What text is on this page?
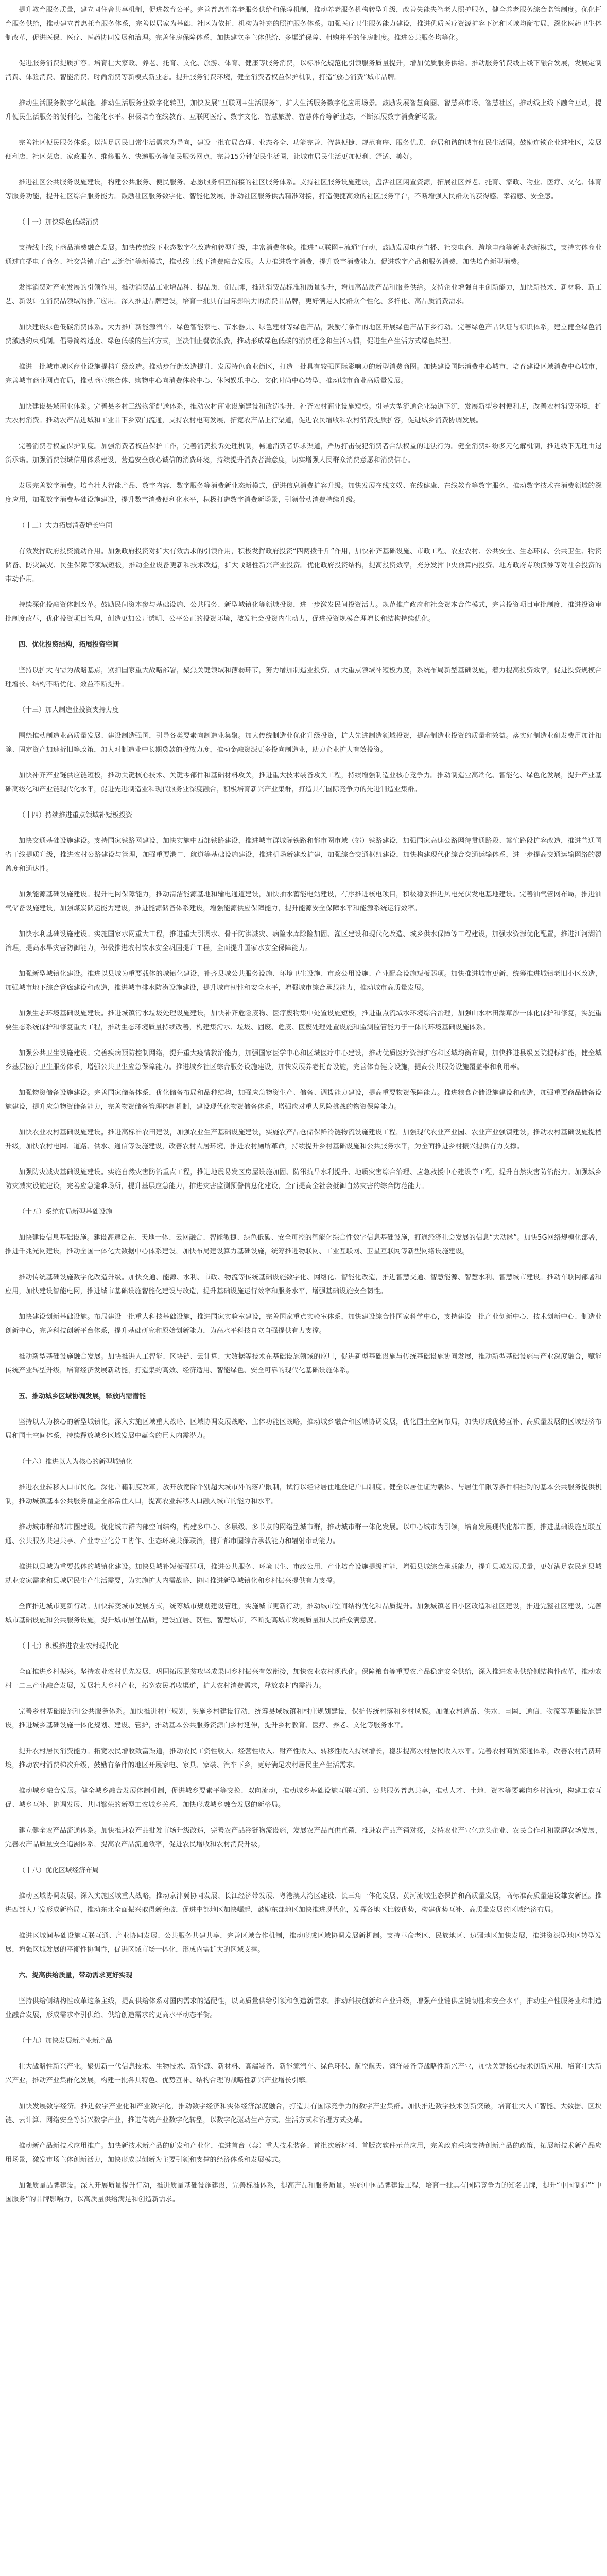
提升教育服务质量，建立同住舍共享机制，促进教育公平。完善普惠性养老服务供给和保障机制，推动养老服务机构转型升级，改善失能失智老人照护服务，健全养老服务综合监管制度。优化托育服务供给，推动建立普惠托育服务体系，完善以居家为基础、社区为依托、机构为补充的照护服务体系。加强医疗卫生服务能力建设，推进优质医疗资源扩容下沉和区域均衡布局，深化医药卫生体制改革，促进医保、医疗、医药协同发展和治理。完善住房保障体系，加快建立多主体供给、多渠道保障、租购并举的住房制度。推进公共服务均等化。

促进服务消费提质扩容。培育壮大家政、养老、托育、文化、旅游、体育、健康等服务消费，以标准化规范化引领服务质量提升，增加优质服务供给。推动服务消费线上线下融合发展，发展定制消费、体验消费、智能消费、时尚消费等新模式新业态。提升服务消费环境，健全消费者权益保护机制，打造“放心消费”城市品牌。

推动生活服务数字化赋能。推动生活服务业数字化转型，加快发展“互联网+生活服务”，扩大生活服务数字化应用场景。鼓励发展智慧商圈、智慧菜市场、智慧社区，推动线上线下融合互动，提升便民生活服务的便利化、智能化水平。积极培育在线教育、互联网医疗、数字文化、智慧旅游、智慧体育等新业态，不断拓展数字消费新场景。

完善社区便民服务体系。以满足居民日常生活需求为导向，建设一批布局合理、业态齐全、功能完善、智慧便捷、规范有序、服务优质、商居和谐的城市便民生活圈。鼓励连锁企业进社区，发展便利店、社区菜店、家政服务、维修服务、快递服务等便民服务网点，完善15分钟便民生活圈，让城市居民生活更加便利、舒适、美好。

推进社区公共服务设施建设，构建公共服务、便民服务、志愿服务相互衔接的社区服务体系。支持社区服务设施建设，盘活社区闲置资源，拓展社区养老、托育、家政、物业、医疗、文化、体育等服务功能，提升社区综合服务能力。鼓励社区服务数字化、智能化发展，推动社区服务供需精准对接，打造便捷高效的社区服务平台，不断增强人民群众的获得感、幸福感、安全感。

（十一）加快绿色低碳消费

支持线上线下商品消费融合发展。加快传统线下业态数字化改造和转型升级，丰富消费体验。推进“互联网+流通”行动，鼓励发展电商直播、社交电商、跨境电商等新业态新模式，支持实体商业通过直播电子商务、社交营销开启“云逛街”等新模式，推动线上线下消费融合发展。大力推进数字消费，提升数字消费能力，促进数字产品和服务消费，加快培育新型消费。

发挥消费对产业发展的引领作用。推动消费品工业增品种、提品质、创品牌，推进消费品标准和质量提升，增加高品质产品和服务供给。支持企业增强自主创新能力，加快新技术、新材料、新工艺、新设计在消费品领域的推广应用。深入推进品牌建设，培育一批具有国际影响力的消费品品牌，更好满足人民群众个性化、多样化、高品质消费需求。

加快建设绿色低碳消费体系。大力推广新能源汽车、绿色智能家电、节水器具、绿色建材等绿色产品，鼓励有条件的地区开展绿色产品下乡行动。完善绿色产品认证与标识体系，建立健全绿色消费激励约束机制。倡导简约适度、绿色低碳的生活方式，坚决制止餐饮浪费，推动形成绿色低碳的消费理念和生活习惯，促进生产生活方式绿色转型。

推进一批城市城区商业设施提档升级改造。推动步行街改造提升，发展特色商业街区，打造一批具有较强国际影响力的新型消费商圈。加快建设国际消费中心城市，培育建设区域消费中心城市，完善城市商业网点布局，推动商业综合体、购物中心向消费体验中心、休闲娱乐中心、文化时尚中心转型，推动城市商业高质量发展。

加快建设县域商业体系。完善县乡村三级物流配送体系，推动农村商业设施建设和改造提升，补齐农村商业设施短板。引导大型流通企业渠道下沉，发展新型乡村便利店，改善农村消费环境，扩大农村消费。推动农产品进城和工业品下乡双向流通，支持农村电商发展，拓宽农产品上行渠道，促进农民增收和农村消费提质扩容，促进城乡消费协调发展。

完善消费者权益保护制度。加强消费者权益保护工作，完善消费投诉处理机制，畅通消费者诉求渠道，严厉打击侵犯消费者合法权益的违法行为。健全消费纠纷多元化解机制，推进线下无理由退货承诺。加强消费领域信用体系建设，营造安全放心诚信的消费环境，持续提升消费者满意度，切实增强人民群众消费意愿和消费信心。

发展完善数字消费。培育壮大智能产品、数字内容、数字服务等消费新业态新模式，促进信息消费扩容升级。加快发展在线文娱、在线健康、在线教育等数字服务，推动数字技术在消费领域的深度应用，加强数字消费基础设施建设，提升数字消费便利化水平，积极打造数字消费新场景，引领带动消费持续升级。

（十二）大力拓展消费增长空间

有效发挥政府投资撬动作用。加强政府投资对扩大有效需求的引领作用，积极发挥政府投资“四两拨千斤”作用，加快补齐基础设施、市政工程、农业农村、公共安全、生态环保、公共卫生、物资储备、防灾减灾、民生保障等领域短板，推动企业设备更新和技术改造，扩大战略性新兴产业投资。优化政府投资结构，提高投资效率，充分发挥中央预算内投资、地方政府专项债券等对社会投资的带动作用。

持续深化投融资体制改革。鼓励民间资本参与基础设施、公共服务、新型城镇化等领域投资，进一步激发民间投资活力。规范推广政府和社会资本合作模式，完善投资项目审批制度，推进投资审批制度改革，优化投资项目管理，创造更加公开透明、公平公正的投资环境，激发社会投资内生动力，促进投资规模合理增长和结构持续优化。

四、优化投资结构，拓展投资空间

坚持以扩大内需为战略基点，紧扣国家重大战略部署，聚焦关键领域和薄弱环节，努力增加制造业投资，加大重点领域补短板力度，系统布局新型基础设施，着力提高投资效率，促进投资规模合理增长、结构不断优化、效益不断提升。

（十三）加大制造业投资支持力度

围绕推动制造业高质量发展、建设制造强国，引导各类要素向制造业集聚。加大传统制造业优化升级投资，扩大先进制造领域投资，提高制造业投资的质量和效益。落实好制造业研发费用加计扣除、固定资产加速折旧等政策，加大对制造业中长期贷款的投放力度，推动金融资源更多投向制造业，助力企业扩大有效投资。

加快补齐产业链供应链短板，推动关键核心技术、关键零部件和基础材料攻关，推进重大技术装备攻关工程，持续增强制造业核心竞争力。推动制造业高端化、智能化、绿色化发展，提升产业基础高级化和产业链现代化水平，促进先进制造业和现代服务业深度融合，积极培育新兴产业集群，打造具有国际竞争力的先进制造业集群。

（十四）持续推进重点领域补短板投资

加快交通基础设施建设。支持国家铁路网建设，加快实施中西部铁路建设，推进城市群城际铁路和都市圈市域（郊）铁路建设，加强国家高速公路网待贯通路段、繁忙路段扩容改造，推进普通国省干线提质升级，推进农村公路建设与管理，加强重要港口、航道等基础设施建设，推进机场新建改扩建，加强综合交通枢纽建设，加快构建现代化综合交通运输体系，进一步提高交通运输网络的覆盖度和通达性。

加强能源基础设施建设。提升电网保障能力，推动清洁能源基地和输电通道建设，加快抽水蓄能电站建设，有序推进核电项目，积极稳妥推进风电光伏发电基地建设。完善油气管网布局，推进油气储备设施建设，加强煤炭储运能力建设，推进能源储备体系建设，增强能源供应保障能力，提升能源安全保障水平和能源系统运行效率。

加快水利基础设施建设。实施国家水网重大工程，推进重大引调水、骨干防洪减灾、病险水库除险加固、灌区建设和现代化改造、城乡供水保障等工程建设，加强水资源优化配置，推进江河湖泊治理，提高水旱灾害防御能力，积极推进农村饮水安全巩固提升工程，全面提升国家水安全保障能力。

加强新型城镇化建设。推进以县城为重要载体的城镇化建设，补齐县城公共服务设施、环境卫生设施、市政公用设施、产业配套设施短板弱项。加快推进城市更新，统筹推进城镇老旧小区改造，加强城市地下综合管廊建设和改造，推进城市排水防涝设施建设，提升城市韧性和安全水平，增强城市综合承载能力，推动城市高质量发展。

加强生态环境基础设施建设。推进城镇污水垃圾处理设施建设，加快补齐危险废物、医疗废物集中处置设施短板，推进重点流域水环境综合治理，加强山水林田湖草沙一体化保护和修复，实施重要生态系统保护和修复重大工程，推动生态环境质量持续改善，构建集污水、垃圾、固废、危废、医废处理处置设施和监测监管能力于一体的环境基础设施体系。

加强公共卫生设施建设。完善疾病预防控制网络，提升重大疫情救治能力，加强国家医学中心和区域医疗中心建设，推动优质医疗资源扩容和区域均衡布局，加快推进县级医院提标扩能，健全城乡基层医疗卫生服务体系，增强公共卫生应急保障能力。推进城乡社区综合服务设施建设，加快发展养老托育设施，完善体育健身设施，提高公共服务设施覆盖率和利用率。

加强物资储备设施建设。完善国家储备体系，优化储备布局和品种结构，加强应急物资生产、储备、调拨能力建设，提高重要物资保障能力。推进粮食仓储设施建设和改造，加强重要商品储备设施建设，提升应急物资储备能力，完善物资储备管理体制机制，建设现代化物资储备体系，增强应对重大风险挑战的物资保障能力。

加快农业农村基础设施建设。推进高标准农田建设，加强农业生产基础设施建设，实施农产品仓储保鲜冷链物流设施建设工程，加强现代农业产业园、农业产业强镇建设。推动农村基础设施提档升级，加快农村电网、道路、供水、通信等设施建设，改善农村人居环境，推进农村厕所革命，持续提升乡村基础设施和公共服务水平，为全面推进乡村振兴提供有力支撑。

加强防灾减灾基础设施建设。实施自然灾害防治重点工程，推进地震易发区房屋设施加固、防汛抗旱水利提升、地质灾害综合治理、应急救援中心建设等工程，提升自然灾害防治能力。加强城乡防灾减灾设施建设，完善应急避难场所，提升基层应急能力，推进灾害监测预警信息化建设，全面提高全社会抵御自然灾害的综合防范能力。

（十五）系统布局新型基础设施

加快建设信息基础设施。建设高速泛在、天地一体、云网融合、智能敏捷、绿色低碳、安全可控的智能化综合性数字信息基础设施，打通经济社会发展的信息“大动脉”。加快5G网络规模化部署，推进千兆光网建设，推动全国一体化大数据中心体系建设，加快布局建设算力基础设施，统筹推进物联网、工业互联网、卫星互联网等新型网络设施建设。

推动传统基础设施数字化改造升级。加快交通、能源、水利、市政、物流等传统基础设施数字化、网络化、智能化改造，推进智慧交通、智慧能源、智慧水利、智慧城市建设。推动车联网部署和应用，加快建设智能电网，推进城市基础设施智能化建设与改造，提升基础设施运行效率和服务水平，增强基础设施安全韧性。

加快建设创新基础设施。布局建设一批重大科技基础设施，推进国家实验室建设，完善国家重点实验室体系，加快建设综合性国家科学中心，支持建设一批产业创新中心、技术创新中心、制造业创新中心，完善科技创新平台体系，提升基础研究和原始创新能力，为高水平科技自立自强提供有力支撑。

推动新型基础设施融合发展。加快推进人工智能、区块链、云计算、大数据等技术在基础设施领域的应用，促进新型基础设施与传统基础设施协同发展，推动新型基础设施与产业深度融合，赋能传统产业转型升级，培育经济发展新动能，打造集约高效、经济适用、智能绿色、安全可靠的现代化基础设施体系。

五、推动城乡区域协调发展，释放内需潜能

坚持以人为核心的新型城镇化，深入实施区域重大战略、区域协调发展战略、主体功能区战略，推动城乡融合和区域协调发展，优化国土空间布局，加快形成优势互补、高质量发展的区域经济布局和国土空间体系，持续释放城乡区域发展中蕴含的巨大内需潜力。

（十六）推进以人为核心的新型城镇化

推进农业转移人口市民化。深化户籍制度改革，放开放宽除个别超大城市外的落户限制，试行以经常居住地登记户口制度。健全以居住证为载体、与居住年限等条件相挂钩的基本公共服务提供机制，推动城镇基本公共服务覆盖全部常住人口，提高农业转移人口融入城市的能力和水平。

推动城市群和都市圈建设。优化城市群内部空间结构，构建多中心、多层级、多节点的网络型城市群，推动城市群一体化发展。以中心城市为引领，培育发展现代化都市圈，推进基础设施互联互通、公共服务共建共享、产业专业化分工协作、生态环境共保联治，提升都市圈综合承载能力和辐射带动能力。

推进以县城为重要载体的城镇化建设。加快县城补短板强弱项，推进公共服务、环境卫生、市政公用、产业培育设施提级扩能，增强县城综合承载能力，提升县城发展质量，更好满足农民到县城就业安家需求和县城居民生产生活需要，为实施扩大内需战略、协同推进新型城镇化和乡村振兴提供有力支撑。

全面推进城市更新行动。加快转变城市发展方式，统筹城市规划建设管理，实施城市更新行动，推动城市空间结构优化和品质提升。加强城镇老旧小区改造和社区建设，推进完整社区建设，完善城市基础设施和公共服务设施，提升城市居住品质，建设宜居、韧性、智慧城市，不断提高城市发展质量和人民群众满意度。

（十七）积极推进农业农村现代化

全面推进乡村振兴。坚持农业农村优先发展，巩固拓展脱贫攻坚成果同乡村振兴有效衔接，加快农业农村现代化。保障粮食等重要农产品稳定安全供给，深入推进农业供给侧结构性改革，推动农村一二三产业融合发展，发展壮大乡村产业，拓宽农民增收渠道，扩大农村消费需求，释放农村内需潜力。

完善乡村基础设施和公共服务体系。加快推进村庄规划，实施乡村建设行动，统筹县域城镇和村庄规划建设，保护传统村落和乡村风貌。加强农村道路、供水、电网、通信、物流等基础设施建设，推进城乡基础设施一体化规划、建设、管护，推动基本公共服务资源向乡村延伸，提升乡村教育、医疗、养老、文化等服务水平。

提升农村居民消费能力。拓宽农民增收致富渠道，推动农民工资性收入、经营性收入、财产性收入、转移性收入持续增长，稳步提高农村居民收入水平。完善农村商贸流通体系，改善农村消费环境，推动农村消费梯次升级，鼓励有条件的地区开展家电、家具、家装、汽车下乡，更好满足农村居民生产生活需求。

推动城乡融合发展。健全城乡融合发展体制机制，促进城乡要素平等交换、双向流动，推动城乡基础设施互联互通、公共服务普惠共享，推动人才、土地、资本等要素向乡村流动，构建工农互促、城乡互补、协调发展、共同繁荣的新型工农城乡关系，加快形成城乡融合发展的新格局。

建立健全农产品流通体系。加快推进农产品批发市场升级改造，完善农产品冷链物流设施，发展农产品直供直销，推进农产品产销对接，支持农业产业化龙头企业、农民合作社和家庭农场发展，完善农产品质量安全追溯体系，提高农产品流通效率，促进农民增收和农村消费升级。

（十八）优化区域经济布局

推动区域协调发展。深入实施区域重大战略，推动京津冀协同发展、长江经济带发展、粤港澳大湾区建设、长三角一体化发展、黄河流域生态保护和高质量发展，高标准高质量建设雄安新区。推进西部大开发形成新格局，推动东北全面振兴取得新突破，促进中部地区加快崛起，鼓励东部地区加快推进现代化，发挥各地区比较优势，构建优势互补、高质量发展的区域经济布局。

推进区域间基础设施互联互通、产业协同发展、公共服务共建共享，完善区域合作机制，推动形成区域协调发展新机制。支持革命老区、民族地区、边疆地区加快发展，推进资源型地区转型发展，增强区域发展的平衡性协调性，促进区域市场一体化，形成内需扩大的区域支撑。

六、提高供给质量，带动需求更好实现

坚持供给侧结构性改革这条主线，提高供给体系对国内需求的适配性，以高质量供给引领和创造新需求。推动科技创新和产业升级，增强产业链供应链韧性和安全水平，推动生产性服务业和制造业融合发展，形成需求牵引供给、供给创造需求的更高水平动态平衡。

（十九）加快发展新产业新产品

壮大战略性新兴产业。聚焦新一代信息技术、生物技术、新能源、新材料、高端装备、新能源汽车、绿色环保、航空航天、海洋装备等战略性新兴产业，加快关键核心技术创新应用，培育壮大新兴产业，推动产业集群化发展，构建一批各具特色、优势互补、结构合理的战略性新兴产业增长引擎。

加快发展数字经济。推进数字产业化和产业数字化，推动数字经济和实体经济深度融合，打造具有国际竞争力的数字产业集群。加快推进数字技术创新突破，培育壮大人工智能、大数据、区块链、云计算、网络安全等新兴数字产业，推进传统产业数字化转型，以数字化驱动生产方式、生活方式和治理方式变革。

推动新产品新技术应用推广。加快新技术新产品的研发和产业化，推进首台（套）重大技术装备、首批次新材料、首版次软件示范应用，完善政府采购支持创新产品的政策，拓展新技术新产品应用场景，激发市场主体创新活力，加快形成以创新为主要引领和支撑的经济体系和发展模式。

加强质量品牌建设。深入开展质量提升行动，推进质量基础设施建设，完善标准体系，提高产品和服务质量。实施中国品牌建设工程，培育一批具有国际竞争力的知名品牌，提升“中国制造”“中国服务”的品牌影响力，以高质量供给满足和创造新需求。
